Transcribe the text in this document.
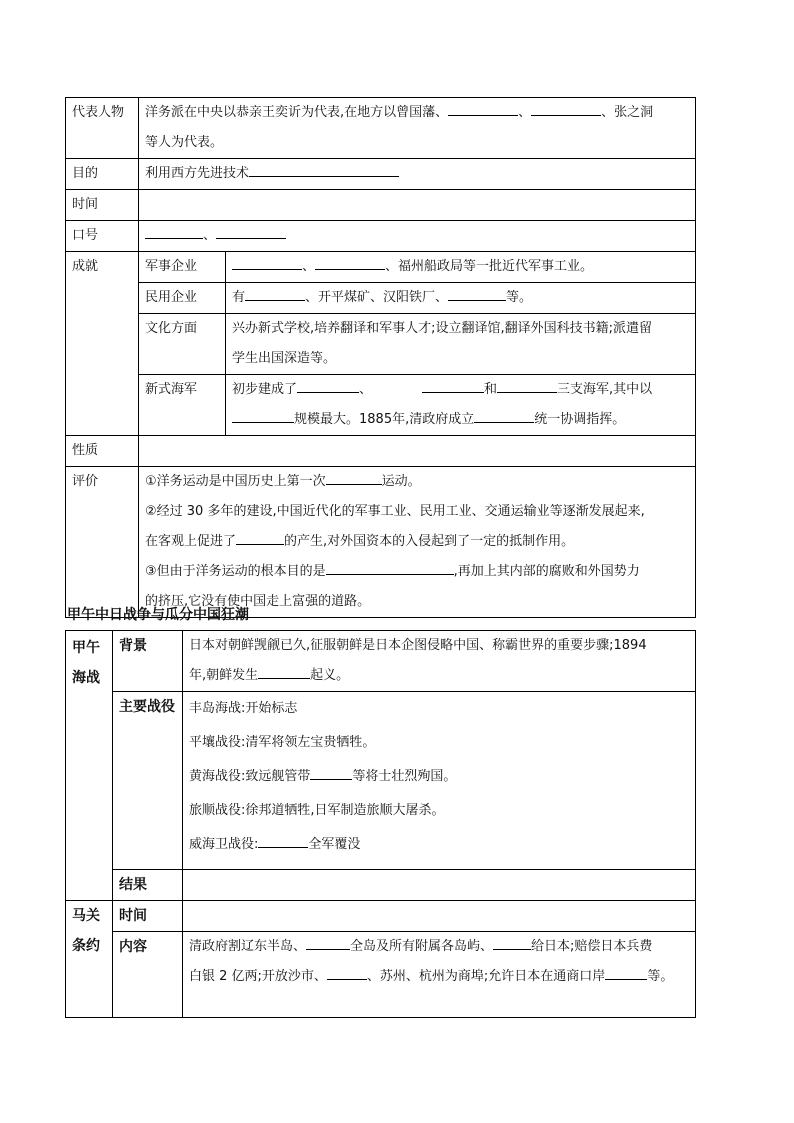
代表人物	洋务派在中央以恭亲王奕䜣为代表,在地方以曾国藩、 、 、张之洞
等人为代表。	
目的	利用西方先进技术	
时间		
口号	、	
成就	军事企业	、 、福州船政局等一批近代军事工业。
	民用企业	有 、开平煤矿、汉阳铁厂、 等。
	文化方面	兴办新式学校,培养翻译和军事人才;设立翻译馆,翻译外国科技书籍;派遣留
学生出国深造等。

	新式海军	初步建成了 、 和 三支海军,其中以
规模最大。1885年,清政府成立 统一协调指挥。
性质		
评价	①洋务运动是中国历史上第一次 运动。
②经过 30 多年的建设,中国近代化的军事工业、民用工业、交通运输业等逐渐发展起来,
在客观上促进了 的产生,对外国资本的入侵起到了一定的抵制作用。
③但由于洋务运动的根本目的是 ,再加上其内部的腐败和外国势力
的挤压,它没有使中国走上富强的道路。	
甲午中日战争与瓜分中国狂潮
甲午海战	背景	日本对朝鲜觊觎已久,征服朝鲜是日本企图侵略中国、称霸世界的重要步骤;1894
年,朝鲜发生 起义。
	主要战役	丰岛海战:开始标志
平壤战役:清军将领左宝贵牺牲。
黄海战役:致远舰管带 等将士壮烈殉国。
旅顺战役:徐邦道牺牲,日军制造旅顺大屠杀。
威海卫战役: 全军覆没
	结果	
马关条约	时间	
	内容	清政府割辽东半岛、 全岛及所有附属各岛屿、 给日本;赔偿日本兵费
白银 2 亿两;开放沙市、 、苏州、杭州为商埠;允许日本在通商口岸 等。
